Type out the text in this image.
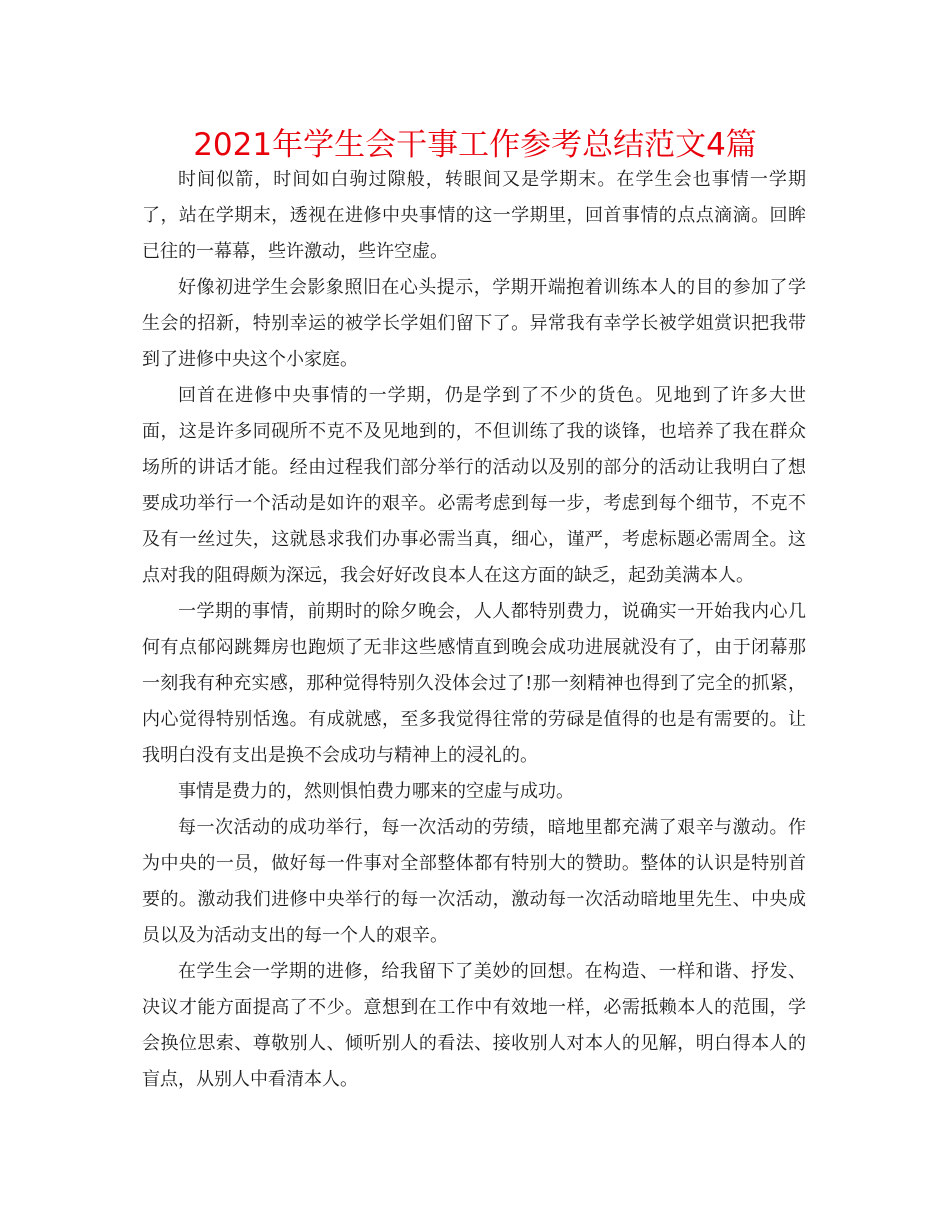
2021年学生会干事工作参考总结范文4篇

时间似箭，时间如白驹过隙般，转眼间又是学期末。在学生会也事情一学期了，站在学期末，透视在进修中央事情的这一学期里，回首事情的点点滴滴。回眸已往的一幕幕，些许激动，些许空虚。

好像初进学生会影象照旧在心头提示，学期开端抱着训练本人的目的参加了学生会的招新，特别幸运的被学长学姐们留下了。异常我有幸学长被学姐赏识把我带到了进修中央这个小家庭。

回首在进修中央事情的一学期，仍是学到了不少的货色。见地到了许多大世面，这是许多同砚所不克不及见地到的，不但训练了我的谈锋，也培养了我在群众场所的讲话才能。经由过程我们部分举行的活动以及别的部分的活动让我明白了想要成功举行一个活动是如许的艰辛。必需考虑到每一步，考虑到每个细节，不克不及有一丝过失，这就恳求我们办事必需当真，细心，谨严，考虑标题必需周全。这点对我的阻碍颇为深远，我会好好改良本人在这方面的缺乏，起劲美满本人。

一学期的事情，前期时的除夕晚会，人人都特别费力，说确实一开始我内心几何有点郁闷跳舞房也跑烦了无非这些感情直到晚会成功进展就没有了，由于闭幕那一刻我有种充实感，那种觉得特别久没体会过了!那一刻精神也得到了完全的抓紧，内心觉得特别恬逸。有成就感，至多我觉得往常的劳碌是值得的也是有需要的。让我明白没有支出是换不会成功与精神上的浸礼的。

事情是费力的，然则惧怕费力哪来的空虚与成功。

每一次活动的成功举行，每一次活动的劳绩，暗地里都充满了艰辛与激动。作为中央的一员，做好每一件事对全部整体都有特别大的赞助。整体的认识是特别首要的。激动我们进修中央举行的每一次活动，激动每一次活动暗地里先生、中央成员以及为活动支出的每一个人的艰辛。

在学生会一学期的进修，给我留下了美妙的回想。在构造、一样和谐、抒发、决议才能方面提高了不少。意想到在工作中有效地一样，必需抵赖本人的范围，学会换位思索、尊敬别人、倾听别人的看法、接收别人对本人的见解，明白得本人的盲点，从别人中看清本人。
